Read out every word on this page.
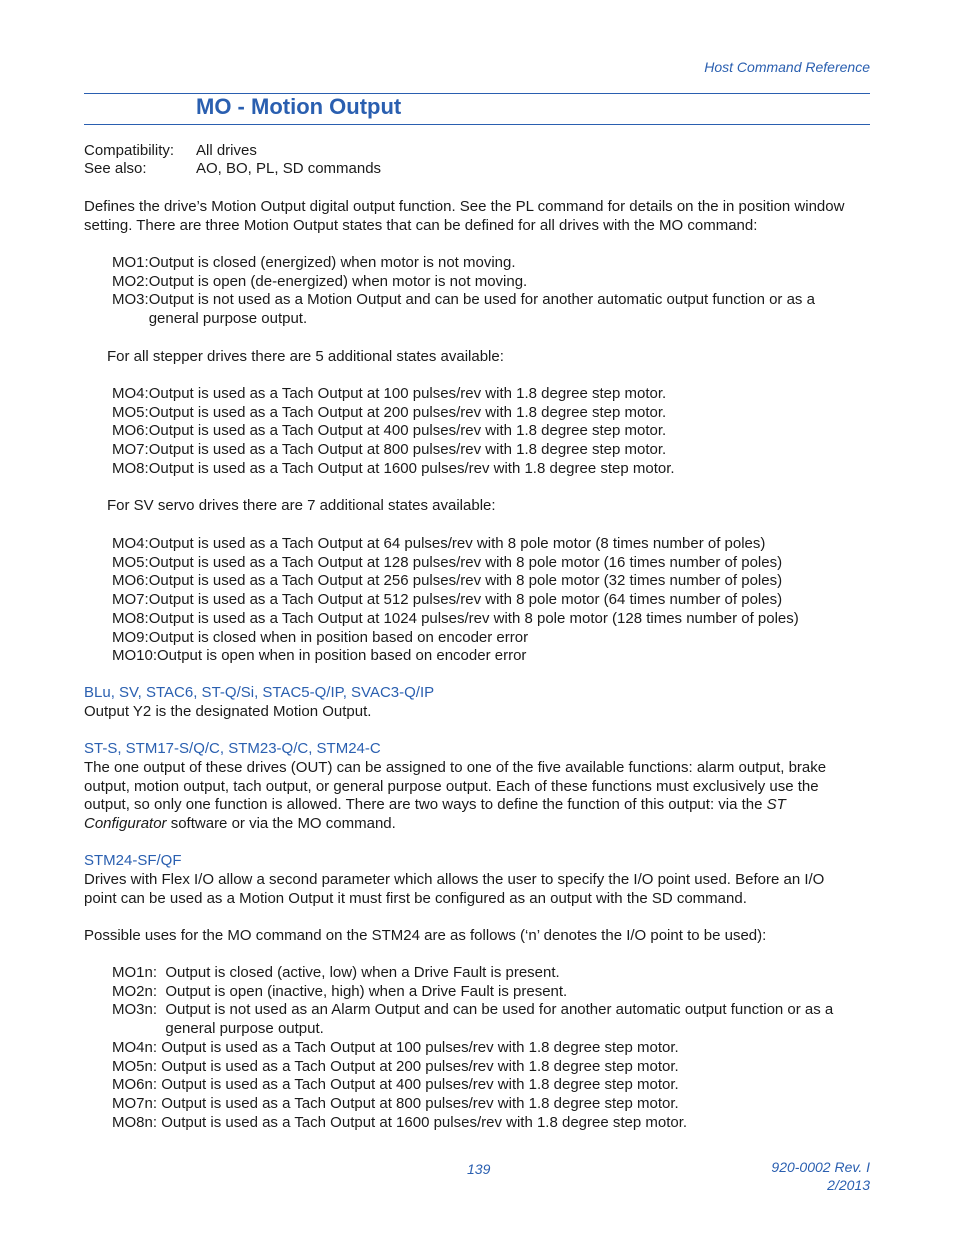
Host Command Reference
MO - Motion Output
Compatibility: All drives
See also:	AO, BO, PL, SD commands
Defines the drive’s Motion Output digital output function. See the PL command for details on the in position window setting. There are three Motion Output states that can be defined for all drives with the MO command:
MO1: Output is closed (energized) when motor is not moving.
MO2: Output is open (de-energized) when motor is not moving.
MO3: Output is not used as a Motion Output and can be used for another automatic output function or as a general purpose output.
For all stepper drives there are 5 additional states available:
MO4: Output is used as a Tach Output at 100 pulses/rev with 1.8 degree step motor.
MO5: Output is used as a Tach Output at 200 pulses/rev with 1.8 degree step motor.
MO6: Output is used as a Tach Output at 400 pulses/rev with 1.8 degree step motor.
MO7: Output is used as a Tach Output at 800 pulses/rev with 1.8 degree step motor.
MO8: Output is used as a Tach Output at 1600 pulses/rev with 1.8 degree step motor.
For SV servo drives there are 7 additional states available:
MO4: Output is used as a Tach Output at 64 pulses/rev with 8 pole motor (8 times number of poles)
MO5: Output is used as a Tach Output at 128 pulses/rev with 8 pole motor (16 times number of poles)
MO6: Output is used as a Tach Output at 256 pulses/rev with 8 pole motor (32 times number of poles)
MO7: Output is used as a Tach Output at 512 pulses/rev with 8 pole motor (64 times number of poles)
MO8: Output is used as a Tach Output at 1024 pulses/rev with 8 pole motor (128 times number of poles)
MO9: Output is closed when in position based on encoder error
MO10: Output is open when in position based on encoder error
BLu, SV, STAC6, ST-Q/Si, STAC5-Q/IP, SVAC3-Q/IP
Output Y2 is the designated Motion Output.
ST-S, STM17-S/Q/C, STM23-Q/C, STM24-C
The one output of these drives (OUT) can be assigned to one of the five available functions: alarm output, brake output, motion output, tach output, or general purpose output. Each of these functions must exclusively use the output, so only one function is allowed. There are two ways to define the function of this output: via the ST Configurator software or via the MO command.
STM24-SF/QF
Drives with Flex I/O allow a second parameter which allows the user to specify the I/O point used. Before an I/O point can be used as a Motion Output it must first be configured as an output with the SD command.
Possible uses for the MO command on the STM24 are as follows (‘n’ denotes the I/O point to be used):
MO1n: Output is closed (active, low) when a Drive Fault is present.
MO2n: Output is open (inactive, high) when a Drive Fault is present.
MO3n: Output is not used as an Alarm Output and can be used for another automatic output function or as a general purpose output.
MO4n: Output is used as a Tach Output at 100 pulses/rev with 1.8 degree step motor.
MO5n: Output is used as a Tach Output at 200 pulses/rev with 1.8 degree step motor.
MO6n: Output is used as a Tach Output at 400 pulses/rev with 1.8 degree step motor.
MO7n: Output is used as a Tach Output at 800 pulses/rev with 1.8 degree step motor.
MO8n: Output is used as a Tach Output at 1600 pulses/rev with 1.8 degree step motor.
139	920-0002 Rev. I
2/2013
